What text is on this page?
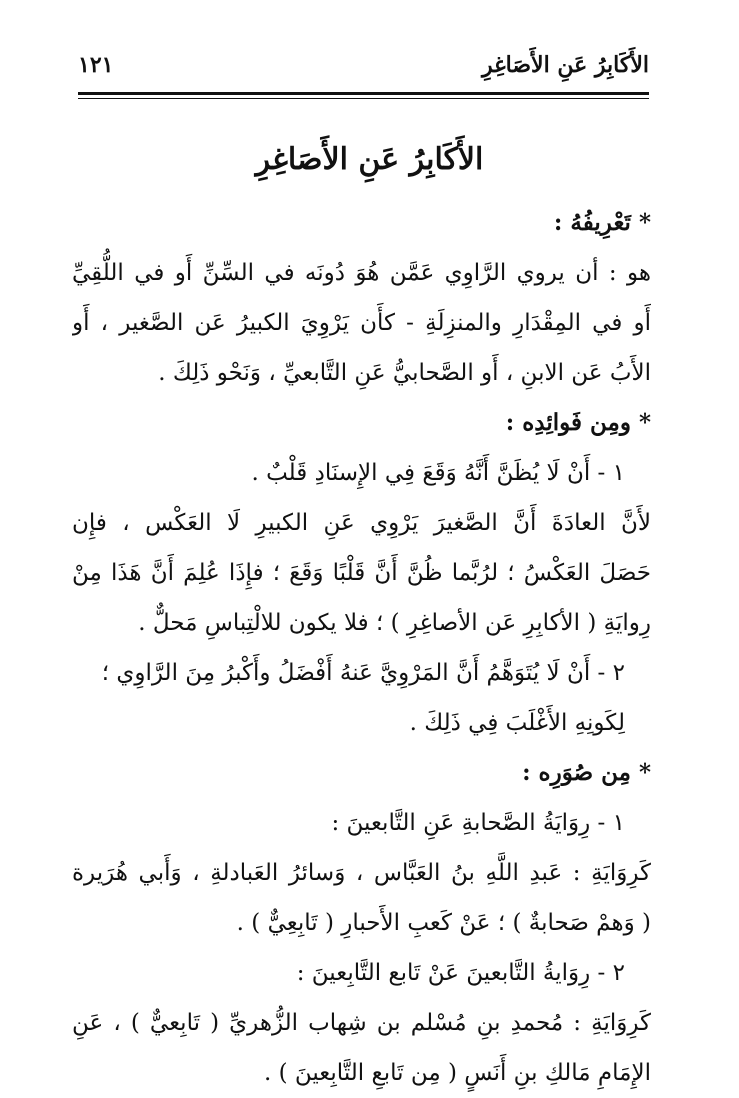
الأَكَابِرُ عَنِ الأَصَاغِرِ
١٢١
الأَكَابِرُ عَنِ الأَصَاغِرِ
* تَعْرِيفُهُ :
هو : أن يروي الرَّاوِي عَمَّن هُوَ دُونَه في السِّنِّ أَو في اللُّقِيِّ
أَو في المِقْدَارِ والمنزِلَةِ - كأَن يَرْوِيَ الكبيرُ عَن الصَّغير ، أَو
الأَبُ عَن الابنِ ، أَو الصَّحابيُّ عَنِ التَّابعيِّ ، وَنَحْو ذَلِكَ .
* ومِن فَوائِدِه :
١ - أَنْ لَا يُظَنَّ أَنَّهُ وَقَعَ فِي الإِسنَادِ قَلْبٌ .
لأَنَّ العادَةَ أَنَّ الصَّغيرَ يَرْوِي عَنِ الكبيرِ لَا العَكْس ، فإِن
حَصَلَ العَكْسُ ؛ لرُبَّما ظُنَّ أَنَّ قَلْبًا وَقَعَ ؛ فإِذَا عُلِمَ أَنَّ هَذَا مِنْ
رِوايَةِ ( الأكابِرِ عَن الأصاغِرِ ) ؛ فلا يكون للالْتِباسِ مَحلٌّ .
٢ - أَنْ لَا يُتَوَهَّمُ أَنَّ المَرْوِيَّ عَنهُ أَفْضَلُ وأَكْبرُ مِنَ الرَّاوِي ؛
لِكَونِهِ الأَغْلَبَ فِي ذَلِكَ .
* مِن صُوَرِه :
١ - رِوَايَةُ الصَّحابةِ عَنِ التَّابعينَ :
كَرِوَايَةِ : عَبدِ اللَّهِ بنُ العَبَّاس ، وَسائرُ العَبادلةِ ، وَأَبي هُرَيرة
( وَهمْ صَحابةٌ ) ؛ عَنْ كَعبِ الأَحبارِ ( تَابِعِيٌّ ) .
٢ - رِوَايةُ التَّابعينَ عَنْ تَابع التَّابِعينَ :
كَرِوَايَةِ : مُحمدِ بنِ مُسْلم بن شِهاب الزُّهريِّ ( تَابِعيٌّ ) ، عَنِ
الإِمَامِ مَالكِ بنِ أَنَسٍ ( مِن تَابعِ التَّابِعينَ ) .
